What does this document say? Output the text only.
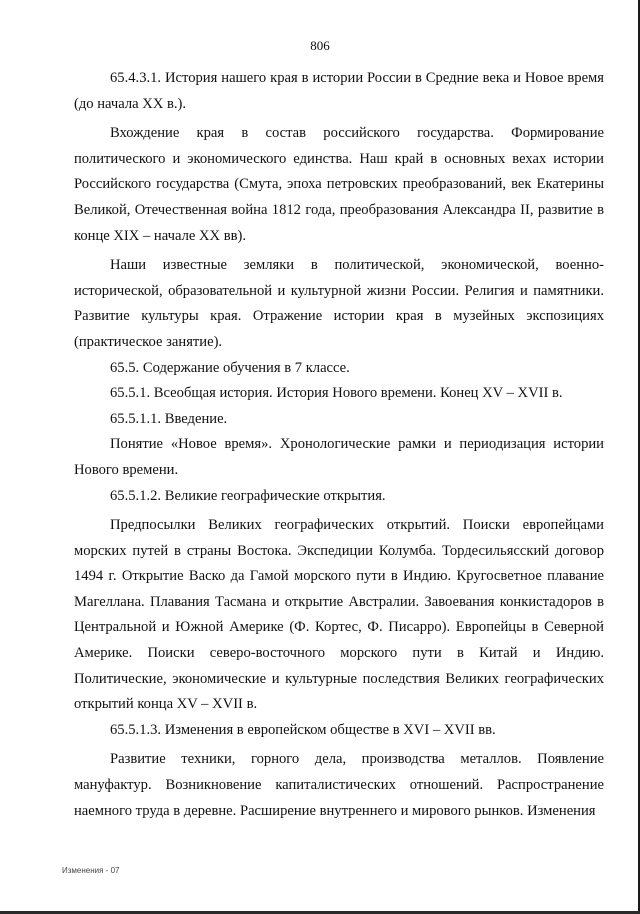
806

65.4.3.1. История нашего края в истории России в Средние века и Новое время (до начала XX в.).

Вхождение края в состав российского государства. Формирование политического и экономического единства. Наш край в основных вехах истории Российского государства (Смута, эпоха петровских преобразований, век Екатерины Великой, Отечественная война 1812 года, преобразования Александра II, развитие в конце XIX – начале XX вв).

Наши известные земляки в политической, экономической, военно-исторической, образовательной и культурной жизни России. Религия и памятники. Развитие культуры края. Отражение истории края в музейных экспозициях (практическое занятие).

65.5. Содержание обучения в 7 классе.

65.5.1. Всеобщая история. История Нового времени. Конец XV – XVII в.

65.5.1.1. Введение.

Понятие «Новое время». Хронологические рамки и периодизация истории Нового времени.

65.5.1.2. Великие географические открытия.

Предпосылки Великих географических открытий. Поиски европейцами морских путей в страны Востока. Экспедиции Колумба. Тордесильясский договор 1494 г. Открытие Васко да Гамой морского пути в Индию. Кругосветное плавание Магеллана. Плавания Тасмана и открытие Австралии. Завоевания конкистадоров в Центральной и Южной Америке (Ф. Кортес, Ф. Писарро). Европейцы в Северной Америке. Поиски северо-восточного морского пути в Китай и Индию. Политические, экономические и культурные последствия Великих географических открытий конца XV – XVII в.

65.5.1.3. Изменения в европейском обществе в XVI – XVII вв.

Развитие техники, горного дела, производства металлов. Появление мануфактур. Возникновение капиталистических отношений. Распространение наемного труда в деревне. Расширение внутреннего и мирового рынков. Изменения

Изменения - 07
